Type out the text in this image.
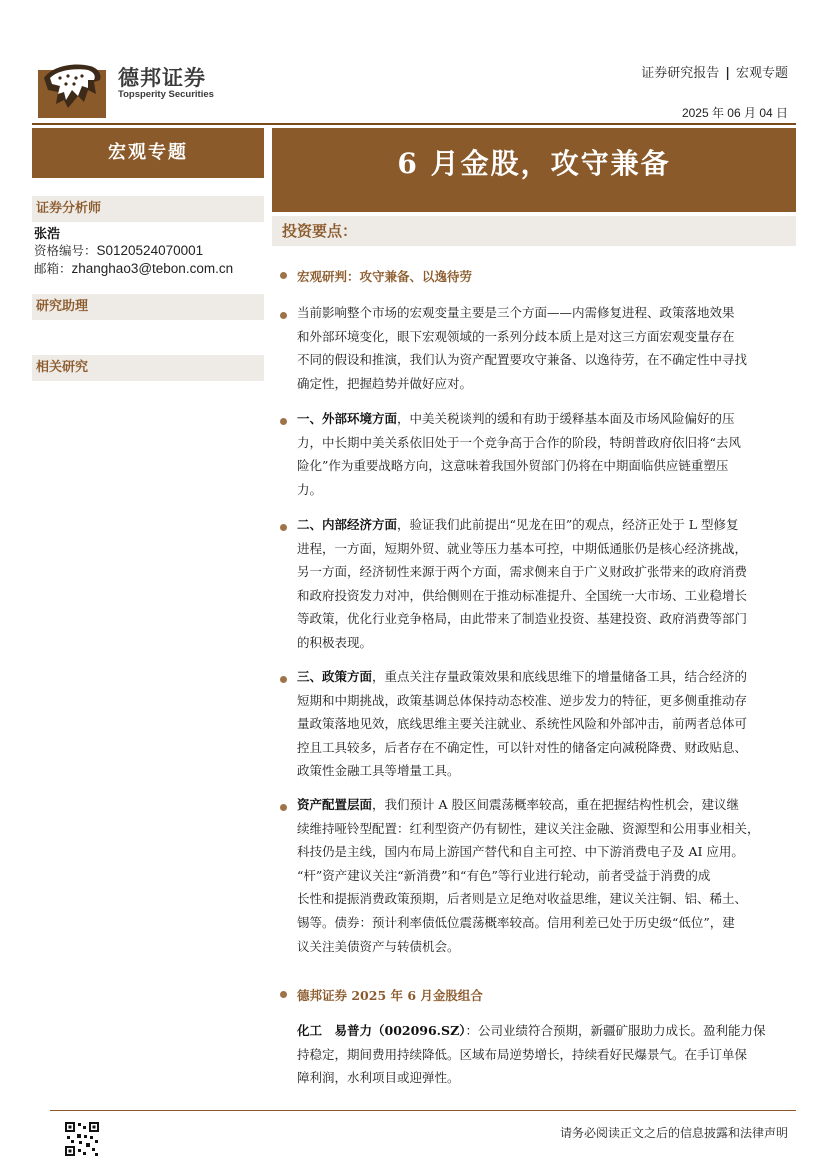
德邦证券
Topsperity Securities
证券研究报告 | 宏观专题
2025 年 06 月 04 日
宏观专题	6 月金股，攻守兼备
证券分析师
张浩
资格编号：S0120524070001
邮箱：zhanghao3@tebon.com.cn
研究助理
相关研究
投资要点：
宏观研判：攻守兼备、以逸待劳
当前影响整个市场的宏观变量主要是三个方面——内需修复进程、政策落地效果
和外部环境变化，眼下宏观领域的一系列分歧本质上是对这三方面宏观变量存在
不同的假设和推演，我们认为资产配置要攻守兼备、以逸待劳，在不确定性中寻找
确定性，把握趋势并做好应对。
一、外部环境方面，中美关税谈判的缓和有助于缓释基本面及市场风险偏好的压
力，中长期中美关系依旧处于一个竞争高于合作的阶段，特朗普政府依旧将“去风
险化”作为重要战略方向，这意味着我国外贸部门仍将在中期面临供应链重塑压
力。
二、内部经济方面，验证我们此前提出“见龙在田”的观点，经济正处于 L 型修复
进程，一方面，短期外贸、就业等压力基本可控，中期低通胀仍是核心经济挑战，
另一方面，经济韧性来源于两个方面，需求侧来自于广义财政扩张带来的政府消费
和政府投资发力对冲，供给侧则在于推动标准提升、全国统一大市场、工业稳增长
等政策，优化行业竞争格局，由此带来了制造业投资、基建投资、政府消费等部门
的积极表现。
三、政策方面，重点关注存量政策效果和底线思维下的增量储备工具，结合经济的
短期和中期挑战，政策基调总体保持动态校准、逆步发力的特征，更多侧重推动存
量政策落地见效，底线思维主要关注就业、系统性风险和外部冲击，前两者总体可
控且工具较多，后者存在不确定性，可以针对性的储备定向减税降费、财政贴息、
政策性金融工具等增量工具。
资产配置层面，我们预计 A 股区间震荡概率较高，重在把握结构性机会，建议继
续维持哑铃型配置：红利型资产仍有韧性，建议关注金融、资源型和公用事业相关，
科技仍是主线，国内布局上游国产替代和自主可控、中下游消费电子及 AI 应用。
“杆”资产建议关注“新消费”和“有色”等行业进行轮动，前者受益于消费的成
长性和提振消费政策预期，后者则是立足绝对收益思维，建议关注铜、铝、稀土、
锡等。债券：预计利率债低位震荡概率较高。信用利差已处于历史级“低位”，建
议关注美债资产与转债机会。
德邦证券 2025 年 6 月金股组合
化工　易普力（002096.SZ）：公司业绩符合预期，新疆矿服助力成长。盈利能力保
持稳定，期间费用持续降低。区域布局逆势增长，持续看好民爆景气。在手订单保
障利润，水利项目或迎弹性。
请务必阅读正文之后的信息披露和法律声明
